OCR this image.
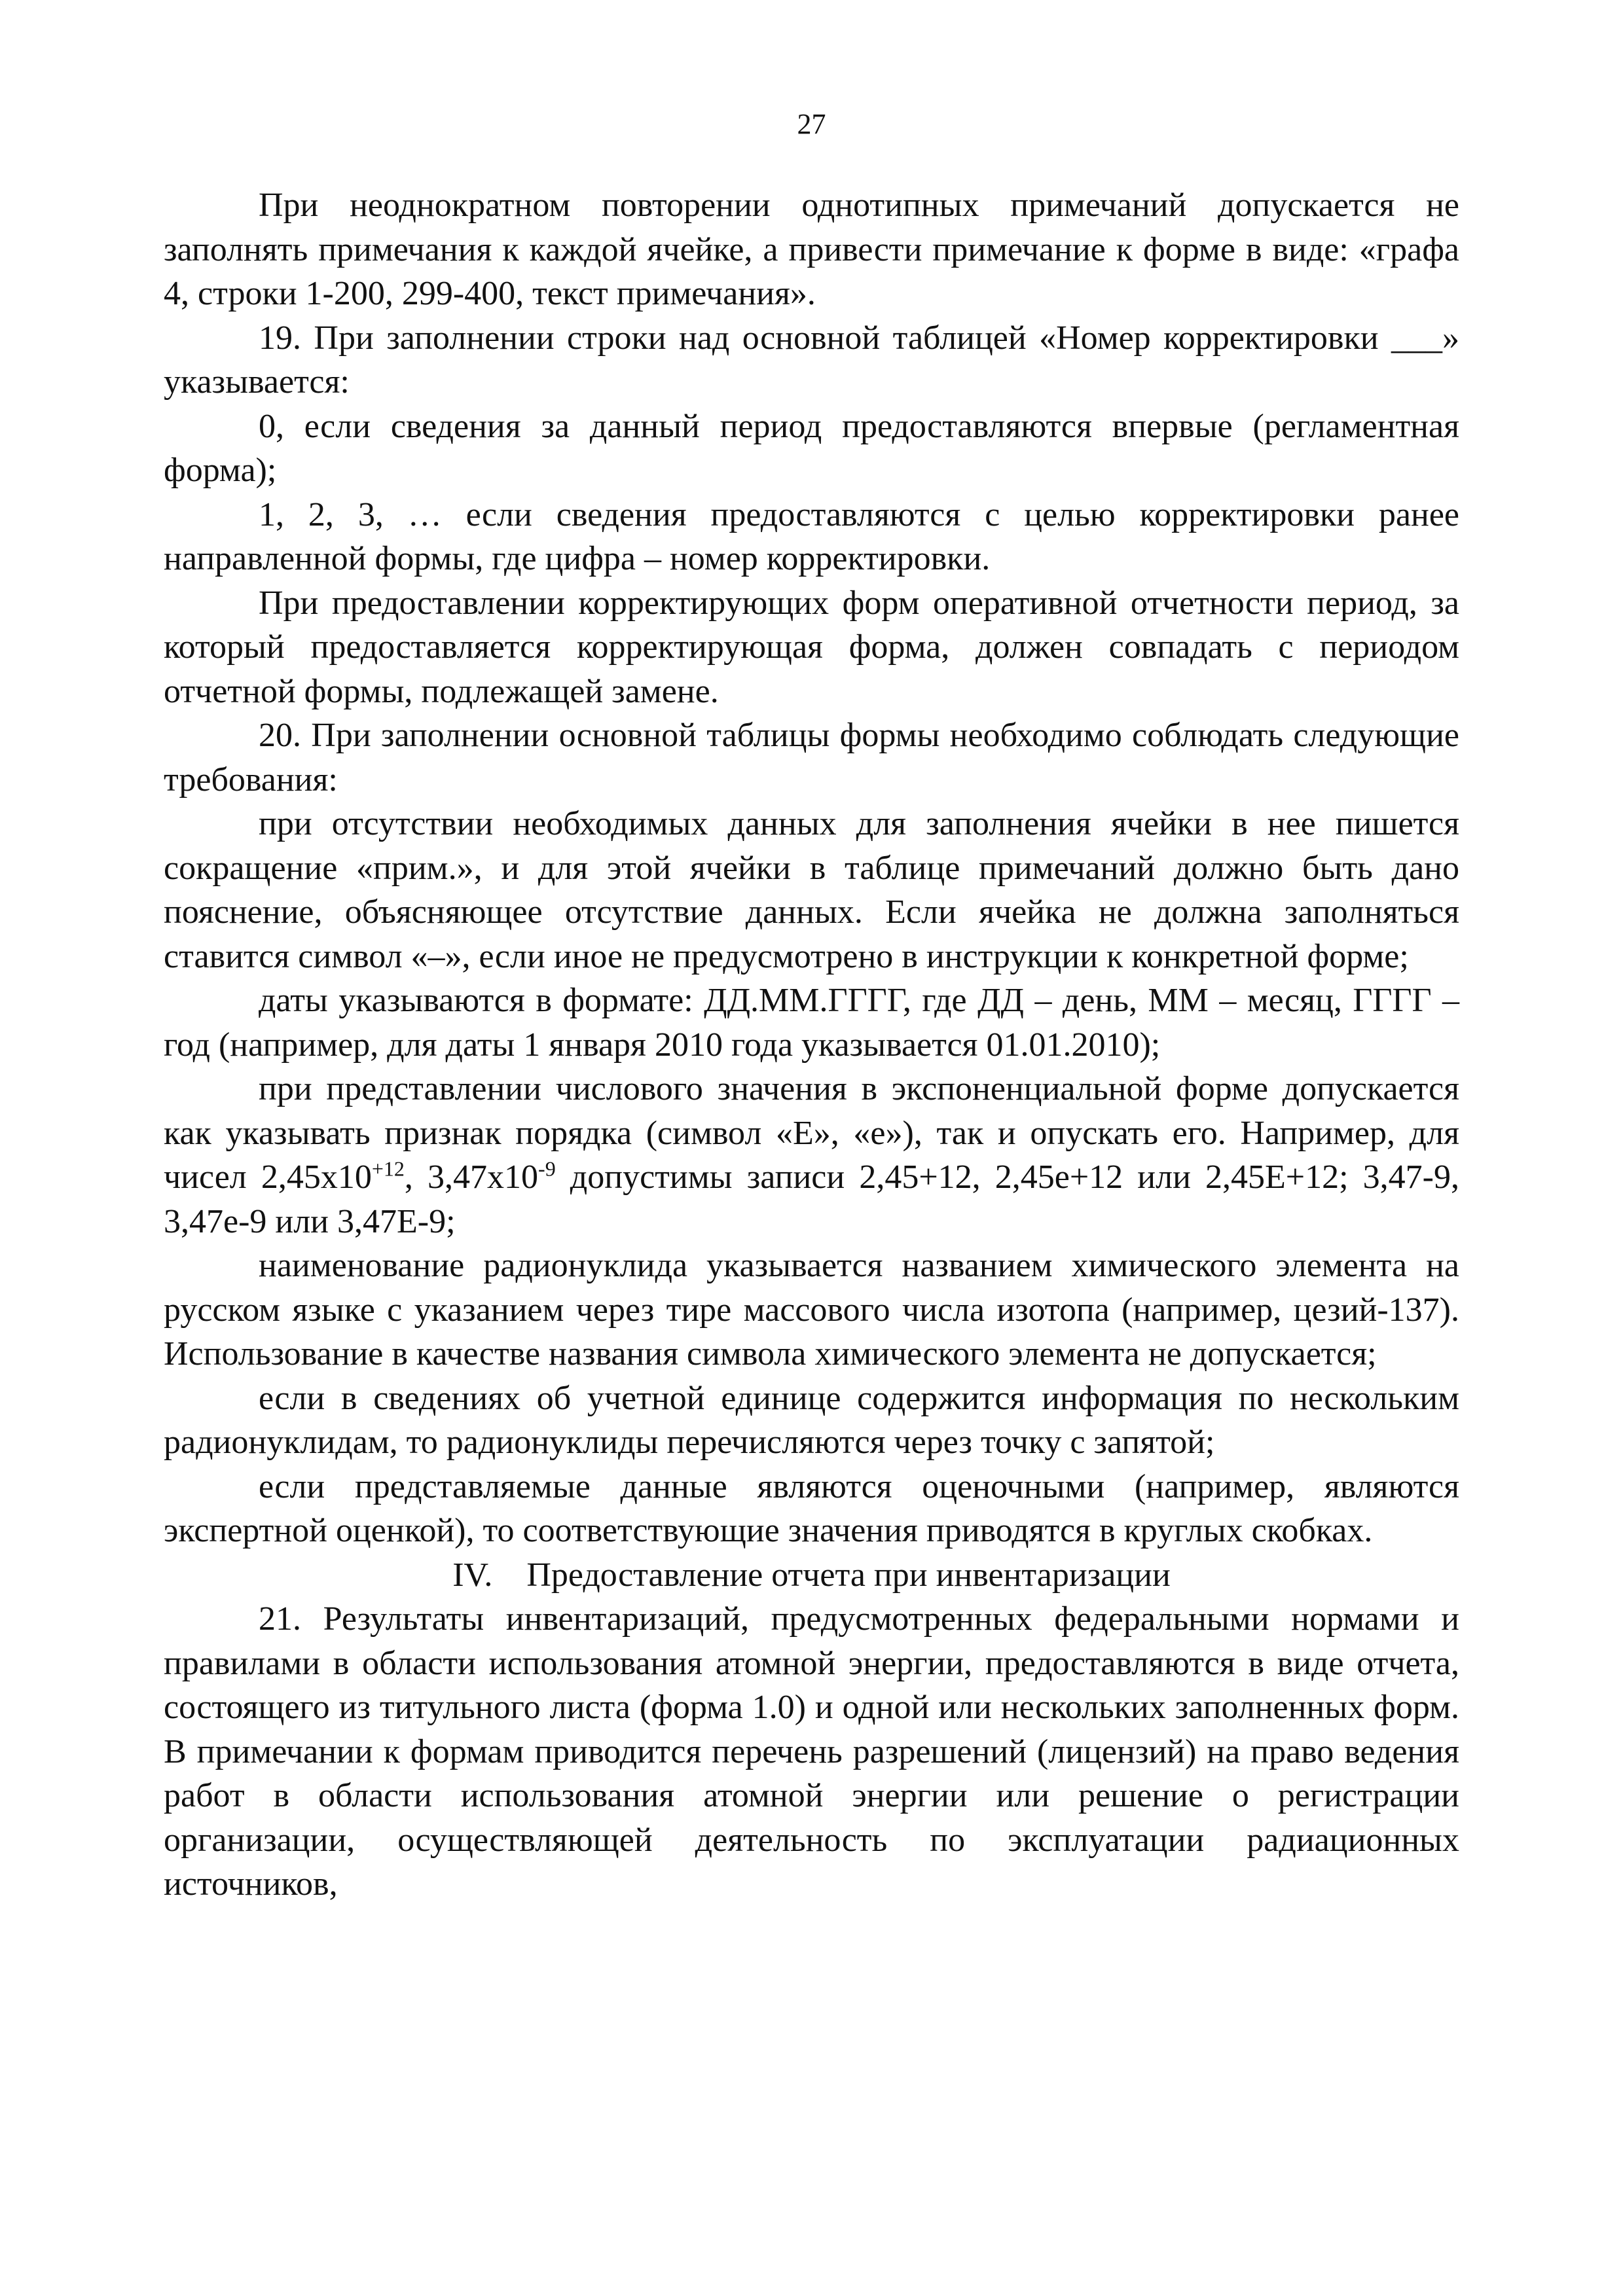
27

При неоднократном повторении однотипных примечаний допускается не заполнять примечания к каждой ячейке, а привести примечание к форме в виде: «графа 4, строки 1-200, 299-400, текст примечания».

19. При заполнении строки над основной таблицей «Номер корректировки ___» указывается:

0, если сведения за данный период предоставляются впервые (регламентная форма);

1, 2, 3, … если сведения предоставляются с целью корректировки ранее направленной формы, где цифра – номер корректировки.

При предоставлении корректирующих форм оперативной отчетности период, за который предоставляется корректирующая форма, должен совпадать с периодом отчетной формы, подлежащей замене.

20. При заполнении основной таблицы формы необходимо соблюдать следующие требования:

при отсутствии необходимых данных для заполнения ячейки в нее пишется сокращение «прим.», и для этой ячейки в таблице примечаний должно быть дано пояснение, объясняющее отсутствие данных. Если ячейка не должна заполняться ставится символ «–», если иное не предусмотрено в инструкции к конкретной форме;

даты указываются в формате: ДД.ММ.ГГГГ, где ДД – день, ММ – месяц, ГГГГ – год (например, для даты 1 января 2010 года указывается 01.01.2010);

при представлении числового значения в экспоненциальной форме допускается как указывать признак порядка (символ «Е», «е»), так и опускать его. Например, для чисел $2,45x10^{+12}$, $3,47x10^{-9}$ допустимы записи 2,45+12, 2,45e+12 или 2,45E+12; 3,47-9, 3,47e-9 или 3,47E-9;

наименование радионуклида указывается названием химического элемента на русском языке с указанием через тире массового числа изотопа (например, цезий-137). Использование в качестве названия символа химического элемента не допускается;

если в сведениях об учетной единице содержится информация по нескольким радионуклидам, то радионуклиды перечисляются через точку с запятой;

если представляемые данные являются оценочными (например, являются экспертной оценкой), то соответствующие значения приводятся в круглых скобках.

IV.    Предоставление отчета при инвентаризации

21. Результаты инвентаризаций, предусмотренных федеральными нормами и правилами в области использования атомной энергии, предоставляются в виде отчета, состоящего из титульного листа (форма 1.0) и одной или нескольких заполненных форм. В примечании к формам приводится перечень разрешений (лицензий) на право ведения работ в области использования атомной энергии или решение о регистрации организации, осуществляющей деятельность по эксплуатации радиационных источников,
